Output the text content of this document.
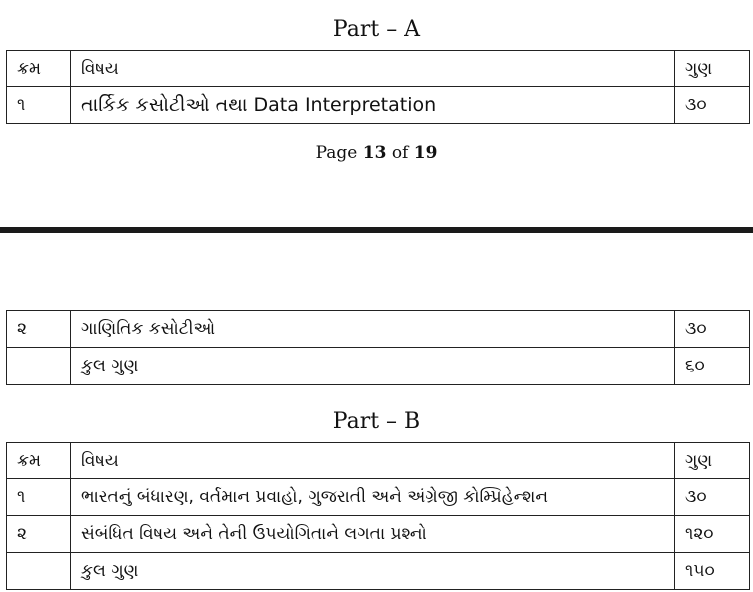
Part – A
ક્રમ	વિષય	ગુણ
૧	તાર્કિક કસોટીઓ તથા Data Interpretation	૩૦
Page 13 of 19
૨	ગાણિતિક કસોટીઓ	૩૦
	કુલ ગુણ	૬૦
Part – B
ક્રમ	વિષય	ગુણ
૧	ભારતનું બંધારણ, વર્તમાન પ્રવાહો, ગુજરાતી અને અંગ્રેજી કોમ્પ્રિહેન્શન	૩૦
૨	સંબંધિત વિષય અને તેની ઉપયોગિતાને લગતા પ્રશ્નો	૧૨૦
	કુલ ગુણ	૧૫૦
